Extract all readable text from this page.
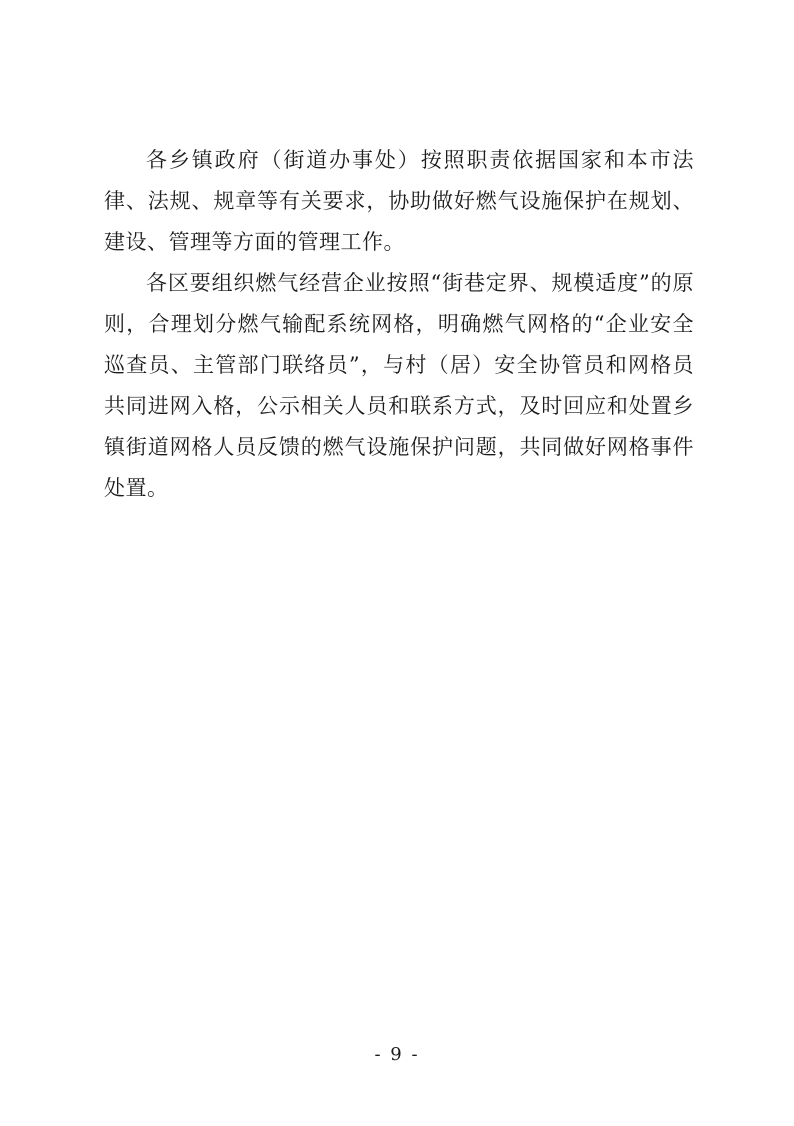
各乡镇政府（街道办事处）按照职责依据国家和本市法律、法规、规章等有关要求，协助做好燃气设施保护在规划、建设、管理等方面的管理工作。

各区要组织燃气经营企业按照“街巷定界、规模适度”的原则，合理划分燃气输配系统网格，明确燃气网格的“企业安全巡查员、主管部门联络员”，与村（居）安全协管员和网格员共同进网入格，公示相关人员和联系方式，及时回应和处置乡镇街道网格人员反馈的燃气设施保护问题，共同做好网格事件处置。

- 9 -
